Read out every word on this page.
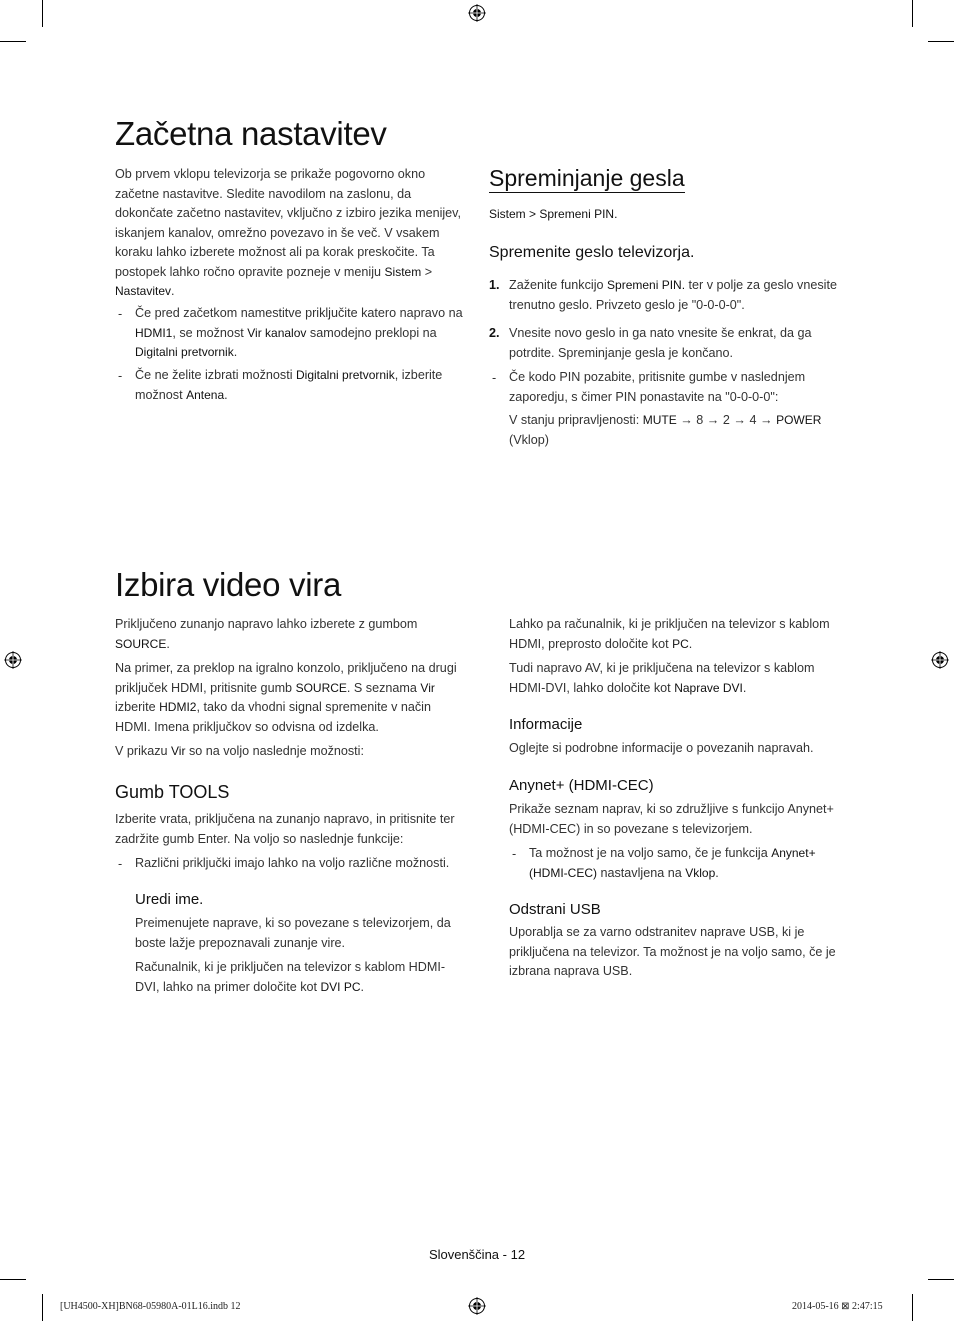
Začetna nastavitev

Ob prvem vklopu televizorja se prikaže pogovorno okno začetne nastavitve. Sledite navodilom na zaslonu, da dokončate začetno nastavitev, vključno z izbiro jezika menijev, iskanjem kanalov, omrežno povezavo in še več. V vsakem koraku lahko izberete možnost ali pa korak preskočite. Ta postopek lahko ročno opravite pozneje v meniju Sistem > Nastavitev.

- Če pred začetkom namestitve priključite katero napravo na HDMI1, se možnost Vir kanalov samodejno preklopi na Digitalni pretvornik.

- Če ne želite izbrati možnosti Digitalni pretvornik, izberite možnost Antena.

Spreminjanje gesla

Sistem > Spremeni PIN.

Spremenite geslo televizorja.
1. Zaženite funkcijo Spremeni PIN. ter v polje za geslo vnesite trenutno geslo. Privzeto geslo je "0-0-0-0".

2. Vnesite novo geslo in ga nato vnesite še enkrat, da ga potrdite. Spreminjanje gesla je končano.

- Če kodo PIN pozabite, pritisnite gumbe v naslednjem zaporedju, s čimer PIN ponastavite na "0-0-0-0":

V stanju pripravljenosti: MUTE → 8 → 2 → 4 → POWER (Vklop)

Izbira video vira

Priključeno zunanjo napravo lahko izberete z gumbom SOURCE.

Na primer, za preklop na igralno konzolo, priključeno na drugi priključek HDMI, pritisnite gumb SOURCE. S seznama Vir izberite HDMI2, tako da vhodni signal spremenite v način HDMI. Imena priključkov so odvisna od izdelka.

V prikazu Vir so na voljo naslednje možnosti:

Gumb TOOLS

Izberite vrata, priključena na zunanjo napravo, in pritisnite ter zadržite gumb Enter. Na voljo so naslednje funkcije:

- Različni priključki imajo lahko na voljo različne možnosti.

Uredi ime.

Preimenujete naprave, ki so povezane s televizorjem, da boste lažje prepoznavali zunanje vire.

Računalnik, ki je priključen na televizor s kablom HDMI-DVI, lahko na primer določite kot DVI PC.

Lahko pa računalnik, ki je priključen na televizor s kablom HDMI, preprosto določite kot PC.

Tudi napravo AV, ki je priključena na televizor s kablom HDMI-DVI, lahko določite kot Naprave DVI.

Informacije

Oglejte si podrobne informacije o povezanih napravah.

Anynet+ (HDMI-CEC)

Prikaže seznam naprav, ki so združljive s funkcijo Anynet+ (HDMI-CEC) in so povezane s televizorjem.

- Ta možnost je na voljo samo, če je funkcija Anynet+ (HDMI-CEC) nastavljena na Vklop.

Odstrani USB

Uporablja se za varno odstranitev naprave USB, ki je priključena na televizor. Ta možnost je na voljo samo, če je izbrana naprava USB.

Slovenščina - 12
[UH4500-XH]BN68-05980A-01L16.indb 12	2014-05-16 ⊠ 2:47:15
